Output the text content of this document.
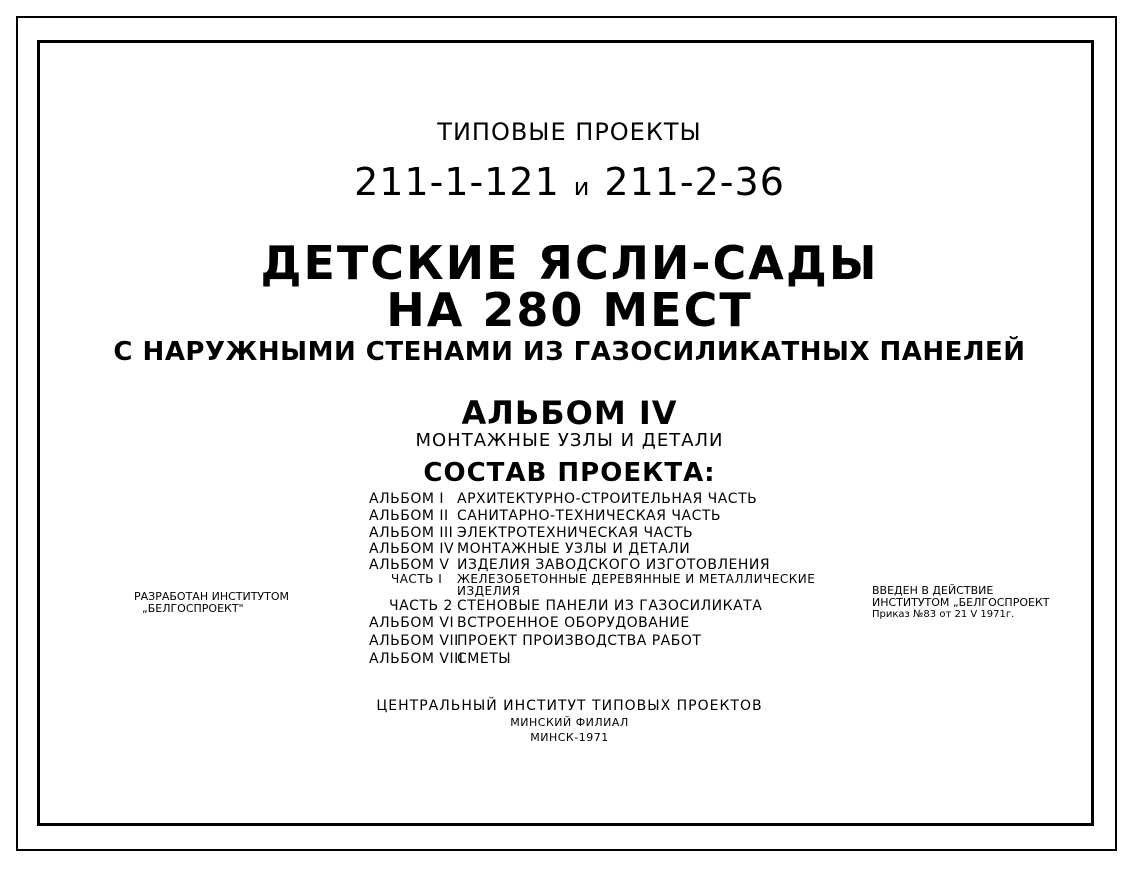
ТИПОВЫЕ ПРОЕКТЫ
211-1-121 и 211-2-36
ДЕТСКИЕ ЯСЛИ-САДЫ
НА 280 МЕСТ
С НАРУЖНЫМИ СТЕНАМИ ИЗ ГАЗОСИЛИКАТНЫХ ПАНЕЛЕЙ
АЛЬБОМ IV
МОНТАЖНЫЕ УЗЛЫ И ДЕТАЛИ
СОСТАВ ПРОЕКТА:
АЛЬБОМ I АРХИТЕКТУРНО-СТРОИТЕЛЬНАЯ ЧАСТЬ
АЛЬБОМ II САНИТАРНО-ТЕХНИЧЕСКАЯ ЧАСТЬ
АЛЬБОМ III ЭЛЕКТРОТЕХНИЧЕСКАЯ ЧАСТЬ
АЛЬБОМ IV МОНТАЖНЫЕ УЗЛЫ И ДЕТАЛИ
АЛЬБОМ V ИЗДЕЛИЯ ЗАВОДСКОГО ИЗГОТОВЛЕНИЯ
ЧАСТЬ I ЖЕЛЕЗОБЕТОННЫЕ ДЕРЕВЯННЫЕ И МЕТАЛЛИЧЕСКИЕ
ИЗДЕЛИЯ
ЧАСТЬ 2 СТЕНОВЫЕ ПАНЕЛИ ИЗ ГАЗОСИЛИКАТА
АЛЬБОМ VI ВСТРОЕННОЕ ОБОРУДОВАНИЕ
АЛЬБОМ VII
ПРОЕКТ ПРОИЗВОДСТВА РАБОТ
АЛЬБОМ VIII
СМЕТЫ
РАЗРАБОТАН ИНСТИТУТОМ
„БЕЛГОСПРОЕКТ"
ВВЕДЕН В ДЕЙСТВИЕ
ИНСТИТУТОМ „БЕЛГОСПРОЕКТ
Приказ №83 от 21 V 1971г.
ЦЕНТРАЛЬНЫЙ ИНСТИТУТ ТИПОВЫХ ПРОЕКТОВ
МИНСКИЙ ФИЛИАЛ
МИНСК-1971
